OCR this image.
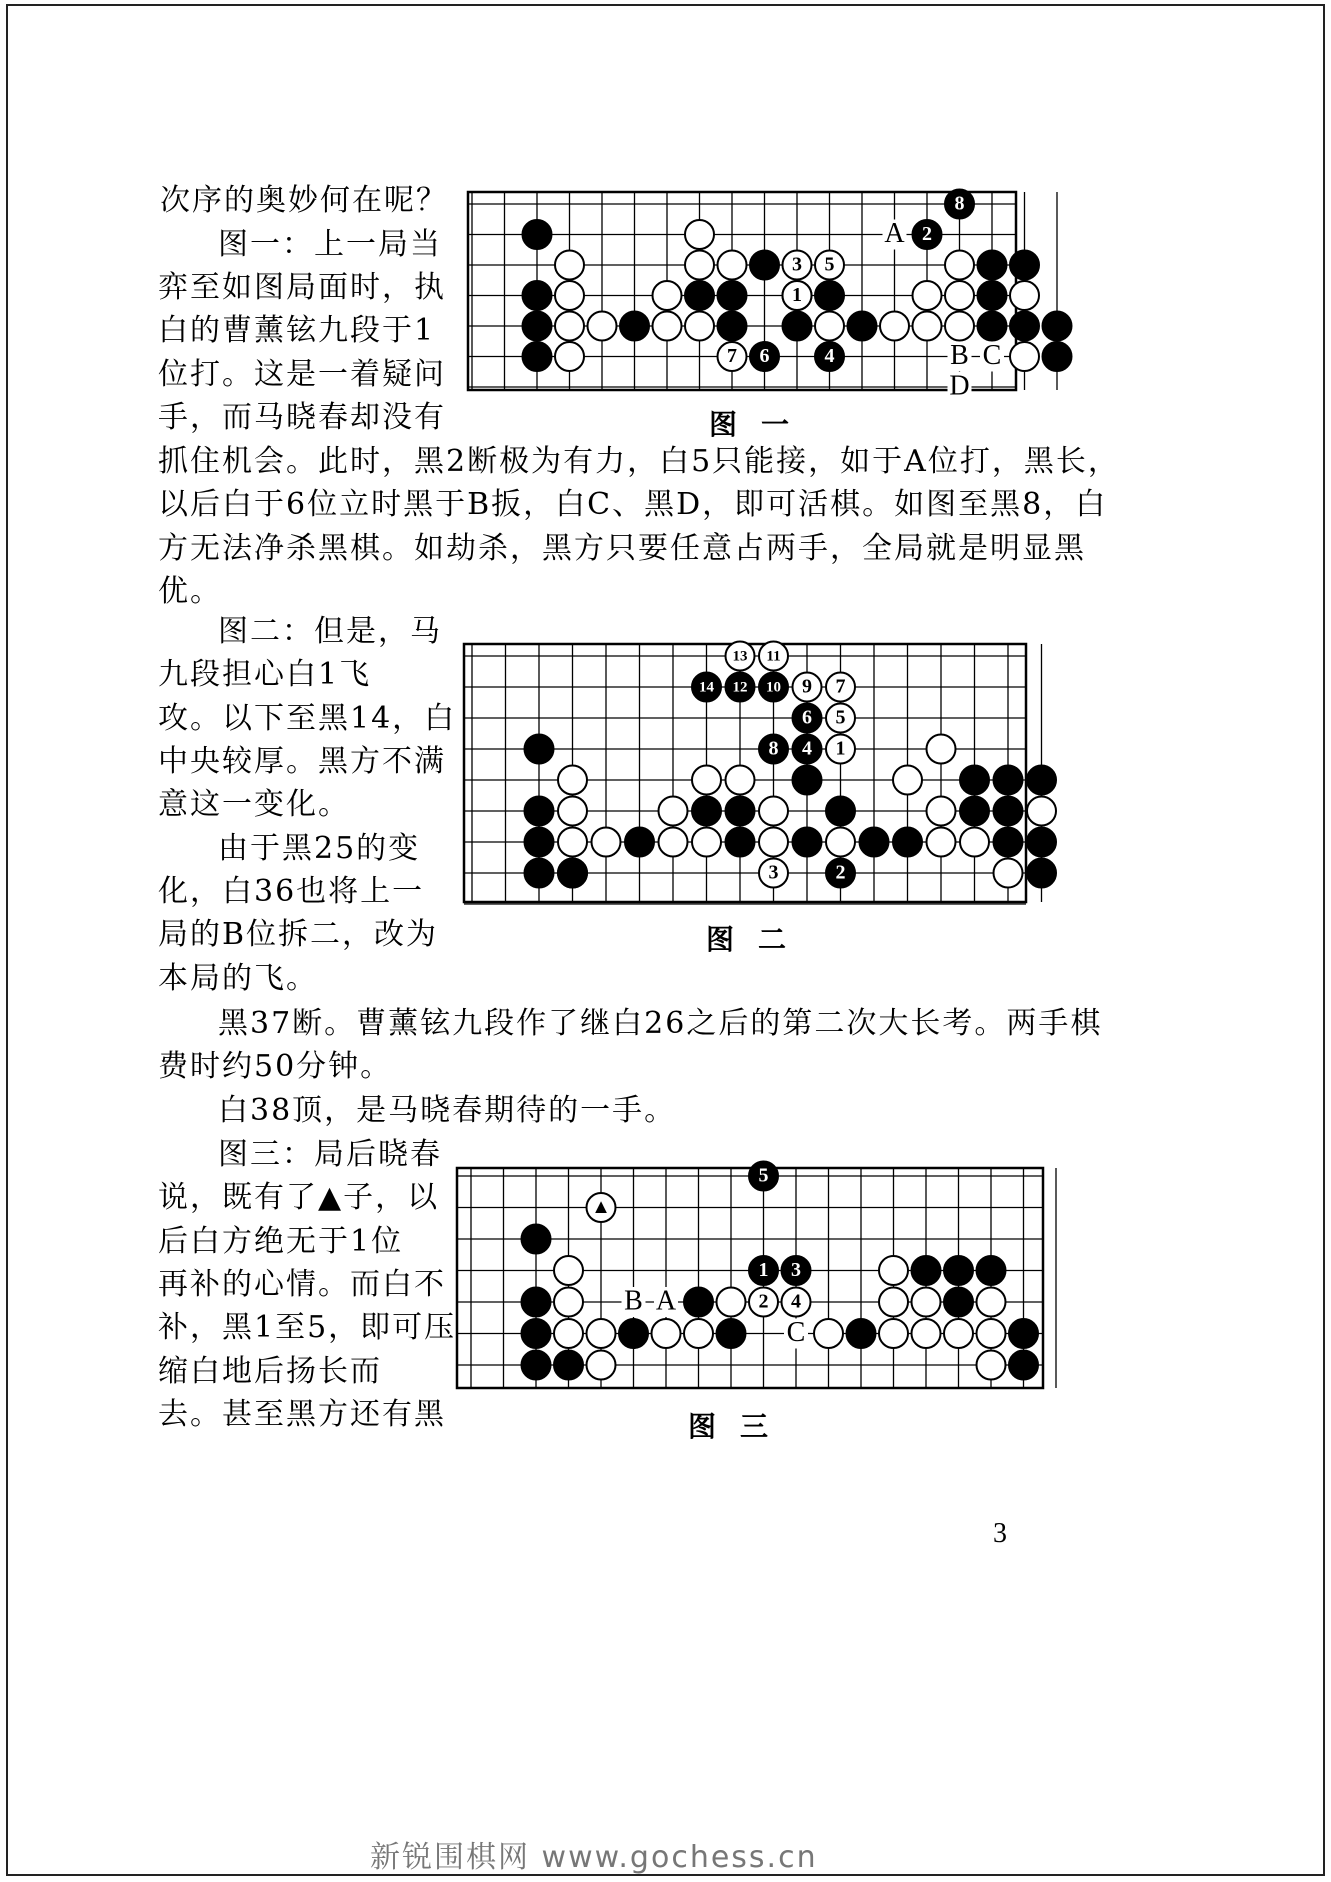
次序的奥妙何在呢？
图一：上一局当
弈至如图局面时，执
白的曹薰铉九段于1
位打。这是一着疑问
手，而马晓春却没有
8
2
3 5
1
7 6	4
A
B C
D
图一
抓住机会。此时，黑2断极为有力，白5只能接，如于A位打，黑长，
以后白于6位立时黑于B扳，白C、黑D，即可活棋。如图至黑8，白
方无法净杀黑棋。如劫杀，黑方只要任意占两手，全局就是明显黑
优。
图二：但是，马
九段担心白1飞
攻。以下至黑14，白
中央较厚。黑方不满
意这一变化。
由于黑25的变
化，白36也将上一
局的B位拆二，改为
本局的飞。
13 11
14 12 10 9 7
6 5
8 4 1
3	2
图二
黑37断。曹薰铉九段作了继白26之后的第二次大长考。两手棋
费时约50分钟。
白38顶，是马晓春期待的一手。
图三：局后晓春
说，既有了▲子，以
后白方绝无于1位
再补的心情。而白不
补，黑1至5，即可压
缩白地后扬长而
去。甚至黑方还有黑
5
▲
1 3
2 4
B A
C
图三
3
新锐围棋网 www.gochess.cn
